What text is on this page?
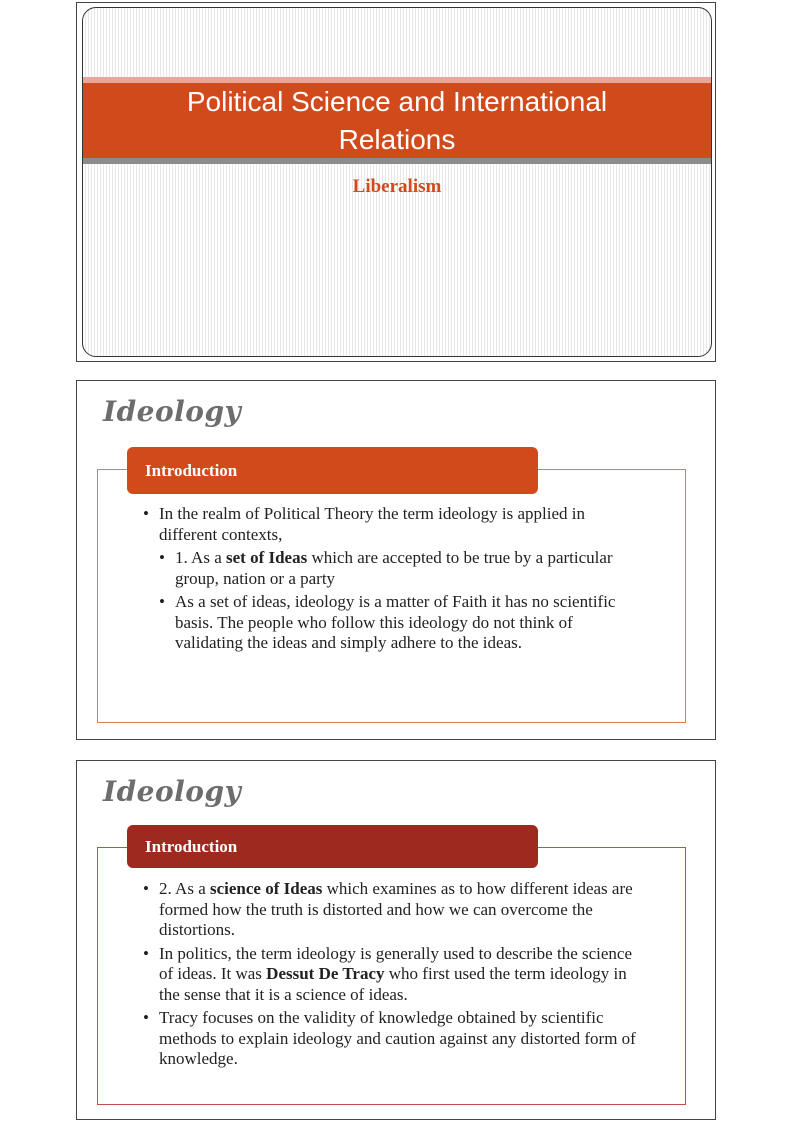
Political Science and International Relations
Liberalism
Ideology
Introduction
• In the realm of Political Theory the term ideology is applied in different contexts,
• 1. As a set of Ideas which are accepted to be true by a particular group, nation or a party
• As a set of ideas, ideology is a matter of Faith it has no scientific basis. The people who follow this ideology do not think of validating the ideas and simply adhere to the ideas.
Ideology
Introduction
• 2. As a science of Ideas which examines as to how different ideas are formed how the truth is distorted and how we can overcome the distortions.
• In politics, the term ideology is generally used to describe the science of ideas. It was Dessut De Tracy who first used the term ideology in the sense that it is a science of ideas.
• Tracy focuses on the validity of knowledge obtained by scientific methods to explain ideology and caution against any distorted form of knowledge.
